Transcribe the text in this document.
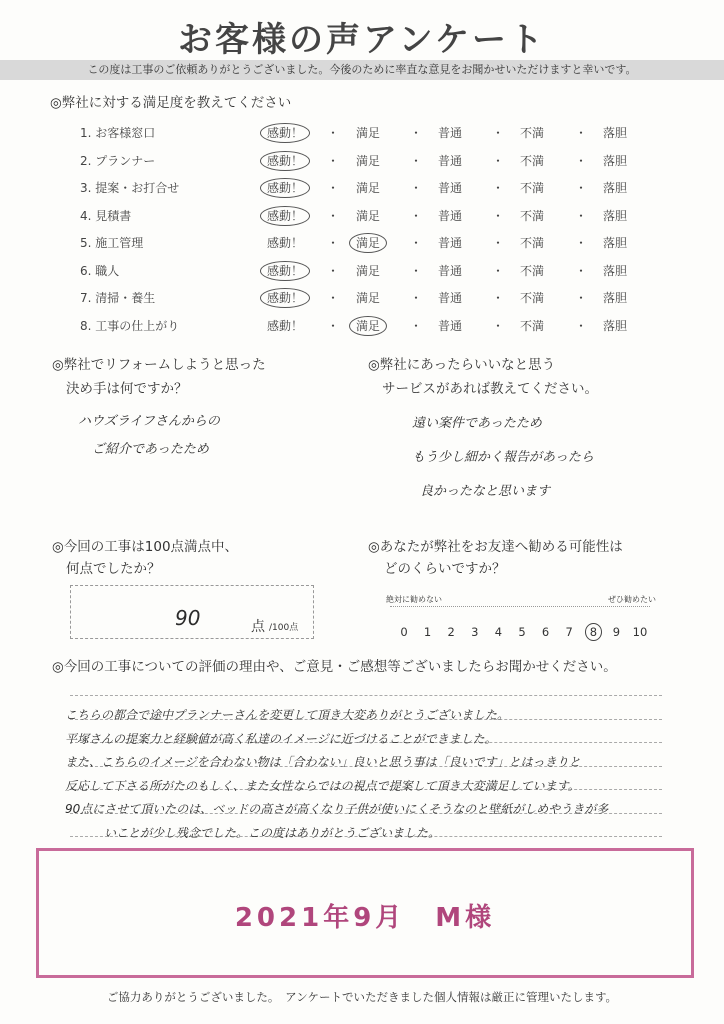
お客様の声アンケート
この度は工事のご依頼ありがとうございました。今後のために率直な意見をお聞かせいただけますと幸いです。
◎弊社に対する満足度を教えてください
1. お客様窓口	感動！	満足	普通	不満	落胆
・	・	・	・
2. プランナー	感動！	満足	普通	不満	落胆
・	・	・	・
3. 提案・お打合せ	感動！	満足	普通	不満	落胆
・	・	・	・
4. 見積書	感動！	満足	普通	不満	落胆
・	・	・	・
5. 施工管理	感動！	満足	普通	不満	落胆
・	・	・	・
6. 職人	感動！	満足	普通	不満	落胆
・	・	・	・
7. 清掃・養生	感動！	満足	普通	不満	落胆
・	・	・	・
8. 工事の仕上がり	感動！	満足	普通	不満	落胆
・	・	・	・
◎弊社でリフォームしようと思った
決め手は何ですか？
ハウズライフさんからの
ご紹介であったため
◎弊社にあったらいいなと思う
サービスがあれば教えてください。
遠い案件であったため
もう少し細かく報告があったら
良かったなと思います
◎今回の工事は100点満点中、
何点でしたか？
90	点 /100点
◎あなたが弊社をお友達へ勧める可能性は
どのくらいですか？
絶対に勧めない	ぜひ勧めたい
0	1	2	3	4	5	6	7	8	9	10
◎今回の工事についての評価の理由や、ご意見・ご感想等ございましたらお聞かせください。
こちらの都合で途中プランナーさんを変更して頂き大変ありがとうございました。
平塚さんの提案力と経験値が高く私達のイメージに近づけることができました。
また、こちらのイメージを合わない物は「合わない」良いと思う事は「良いです」とはっきりと
反応して下さる所がたのもしく、また女性ならではの視点で提案して頂き大変満足しています。
90点にさせて頂いたのは、ベッドの高さが高くなり子供が使いにくそうなのと壁紙がしめやうきが多
いことが少し残念でした。この度はありがとうございました。
2021年9月　M様
ご協力ありがとうございました。　アンケートでいただきました個人情報は厳正に管理いたします。
